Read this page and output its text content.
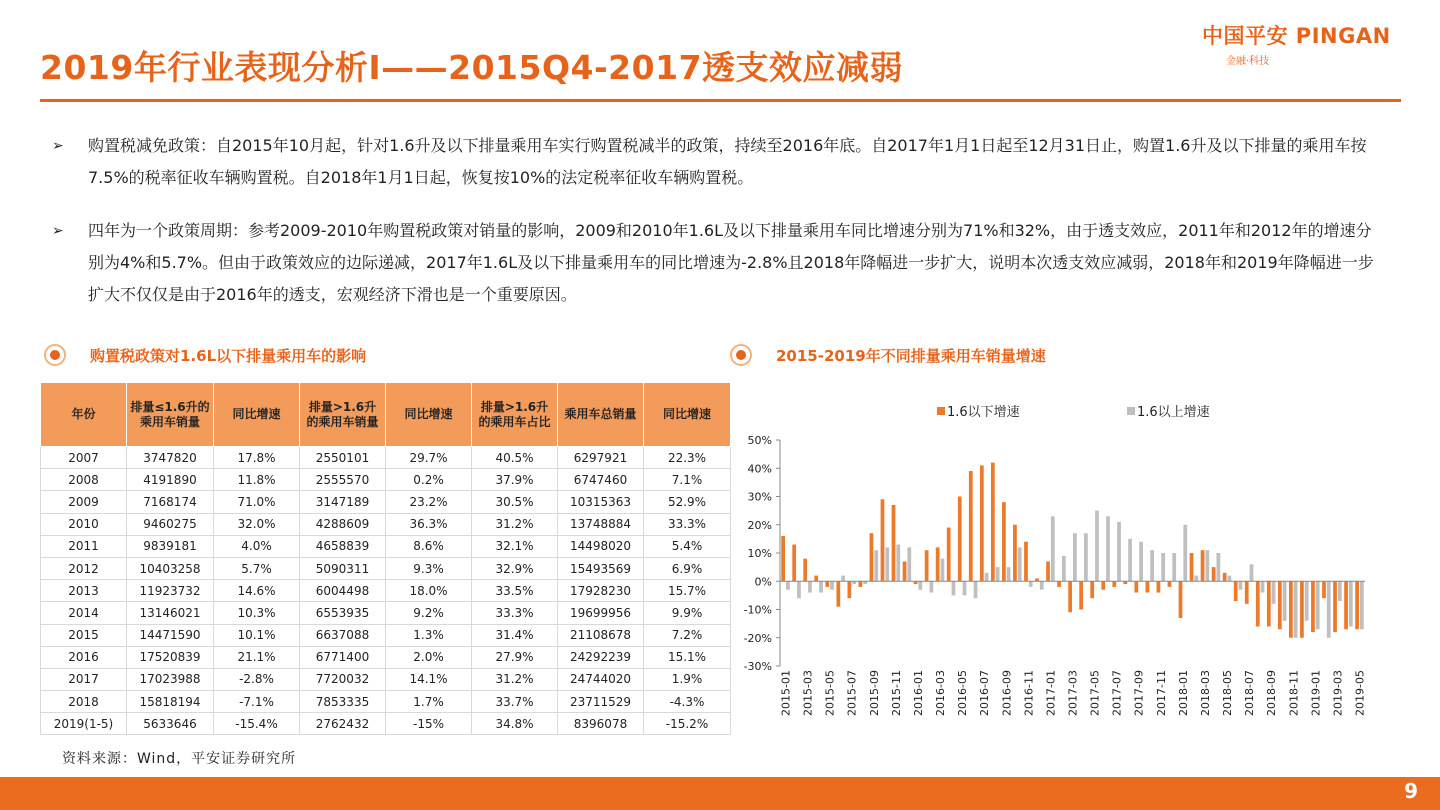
2019年行业表现分析Ⅰ——2015Q4-2017透支效应减弱
中国平安 PINGAN
金融·科技
➢	购置税减免政策：自2015年10月起，针对1.6升及以下排量乘用车实行购置税减半的政策，持续至2016年底。自2017年1月1日起至12月31日止，购置1.6升及以下排量的乘用车按7.5%的税率征收车辆购置税。自2018年1月1日起，恢复按10%的法定税率征收车辆购置税。
➢	四年为一个政策周期：参考2009-2010年购置税政策对销量的影响，2009和2010年1.6L及以下排量乘用车同比增速分别为71%和32%，由于透支效应，2011年和2012年的增速分别为4%和5.7%。但由于政策效应的边际递减，2017年1.6L及以下排量乘用车的同比增速为-2.8%且2018年降幅进一步扩大，说明本次透支效应减弱，2018年和2019年降幅进一步扩大不仅仅是由于2016年的透支，宏观经济下滑也是一个重要原因。
购置税政策对1.6L以下排量乘用车的影响	2015-2019年不同排量乘用车销量增速
年份	排量≤1.6升的乘用车销量	同比增速	排量>1.6升的乘用车销量	同比增速	排量>1.6升的乘用车占比	乘用车总销量	同比增速
2007	3747820	17.8%	2550101	29.7%	40.5%	6297921	22.3%
2008	4191890	11.8%	2555570	0.2%	37.9%	6747460	7.1%
2009	7168174	71.0%	3147189	23.2%	30.5%	10315363	52.9%
2010	9460275	32.0%	4288609	36.3%	31.2%	13748884	33.3%
2011	9839181	4.0%	4658839	8.6%	32.1%	14498020	5.4%
2012	10403258	5.7%	5090311	9.3%	32.9%	15493569	6.9%
2013	11923732	14.6%	6004498	18.0%	33.5%	17928230	15.7%
2014	13146021	10.3%	6553935	9.2%	33.3%	19699956	9.9%
2015	14471590	10.1%	6637088	1.3%	31.4%	21108678	7.2%
2016	17520839	21.1%	6771400	2.0%	27.9%	24292239	15.1%
2017	17023988	-2.8%	7720032	14.1%	31.2%	24744020	1.9%
2018	15818194	-7.1%	7853335	1.7%	33.7%	23711529	-4.3%
2019(1-5)	5633646	-15.4%	2762432	-15%	34.8%	8396078	-15.2%
资料来源：Wind，平安证券研究所
1.6以下增速	1.6以上增速
50%
40%
30%
20%
10%
0%
-10%
-20%
-30%
2015-01 2015-03 2015-05 2015-07 2015-09 2015-11 2016-01 2016-03 2016-05 2016-07 2016-09 2016-11 2017-01 2017-03 2017-05 2017-07 2017-09 2017-11 2018-01 2018-03 2018-05 2018-07 2018-09 2018-11 2019-01 2019-03 2019-05
9
